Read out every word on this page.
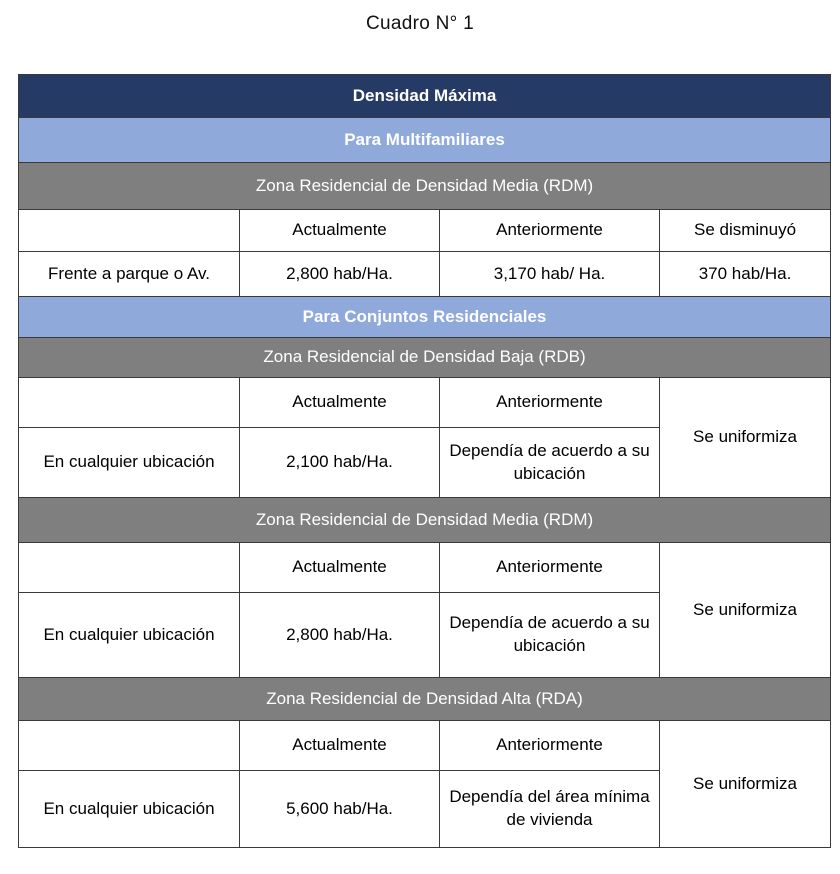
Cuadro N° 1
Densidad Máxima			
Para Multifamiliares			
Zona Residencial de Densidad Media (RDM)			
	Actualmente	Anteriormente	Se disminuyó
Frente a parque o Av.	2,800 hab/Ha.	3,170 hab/ Ha.	370 hab/Ha.
Para Conjuntos Residenciales			
Zona Residencial de Densidad Baja (RDB)			
	Actualmente	Anteriormente	Se uniformiza
En cualquier ubicación	2,100 hab/Ha.	Dependía de acuerdo a su ubicación	
Zona Residencial de Densidad Media (RDM)			
	Actualmente	Anteriormente	Se uniformiza
En cualquier ubicación	2,800 hab/Ha.	Dependía de acuerdo a su ubicación	
Zona Residencial de Densidad Alta (RDA)			
	Actualmente	Anteriormente	Se uniformiza
En cualquier ubicación	5,600 hab/Ha.	Dependía del área mínima de vivienda	
